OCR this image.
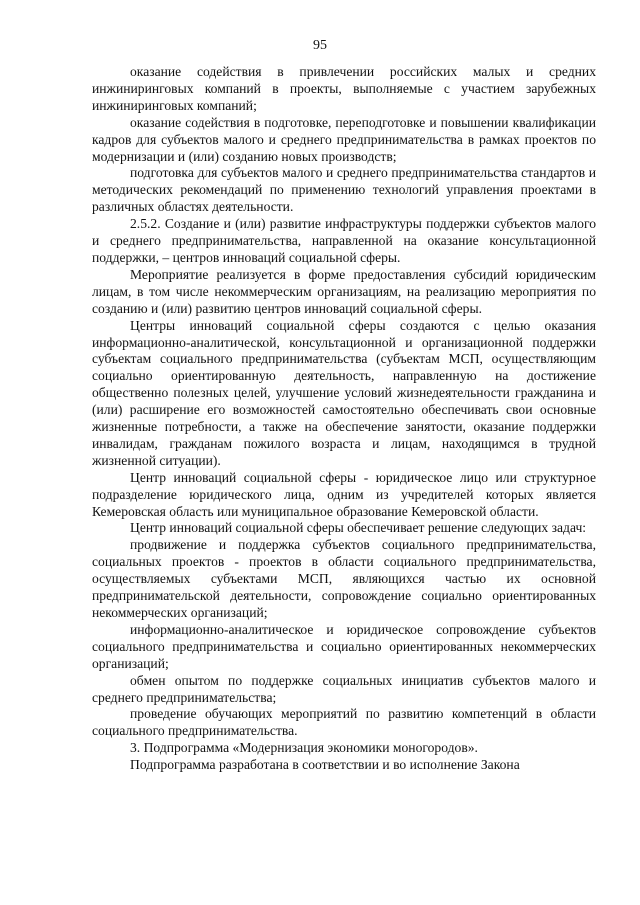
95

оказание содействия в привлечении российских малых и средних инжиниринговых компаний в проекты, выполняемые с участием зарубежных инжиниринговых компаний;

оказание содействия в подготовке, переподготовке и повышении квалификации кадров для субъектов малого и среднего предпринимательства в рамках проектов по модернизации и (или) созданию новых производств;

подготовка для субъектов малого и среднего предпринимательства стандартов и методических рекомендаций по применению технологий управления проектами в различных областях деятельности.

2.5.2. Создание и (или) развитие инфраструктуры поддержки субъектов малого и среднего предпринимательства, направленной на оказание консультационной поддержки, – центров инноваций социальной сферы.

Мероприятие реализуется в форме предоставления субсидий юридическим лицам, в том числе некоммерческим организациям, на реализацию мероприятия по созданию и (или) развитию центров инноваций социальной сферы.

Центры инноваций социальной сферы создаются с целью оказания информационно-аналитической, консультационной и организационной поддержки субъектам социального предпринимательства (субъектам МСП, осуществляющим социально ориентированную деятельность, направленную на достижение общественно полезных целей, улучшение условий жизнедеятельности гражданина и (или) расширение его возможностей самостоятельно обеспечивать свои основные жизненные потребности, а также на обеспечение занятости, оказание поддержки инвалидам, гражданам пожилого возраста и лицам, находящимся в трудной жизненной ситуации).

Центр инноваций социальной сферы - юридическое лицо или структурное подразделение юридического лица, одним из учредителей которых является Кемеровская область или муниципальное образование Кемеровской области.

Центр инноваций социальной сферы обеспечивает решение следующих задач:

продвижение и поддержка субъектов социального предпринимательства, социальных проектов - проектов в области социального предпринимательства, осуществляемых субъектами МСП, являющихся частью их основной предпринимательской деятельности, сопровождение социально ориентированных некоммерческих организаций;

информационно-аналитическое и юридическое сопровождение субъектов социального предпринимательства и социально ориентированных некоммерческих организаций;

обмен опытом по поддержке социальных инициатив субъектов малого и среднего предпринимательства;

проведение обучающих мероприятий по развитию компетенций в области социального предпринимательства.

3. Подпрограмма «Модернизация экономики моногородов».

Подпрограмма разработана в соответствии и во исполнение Закона
